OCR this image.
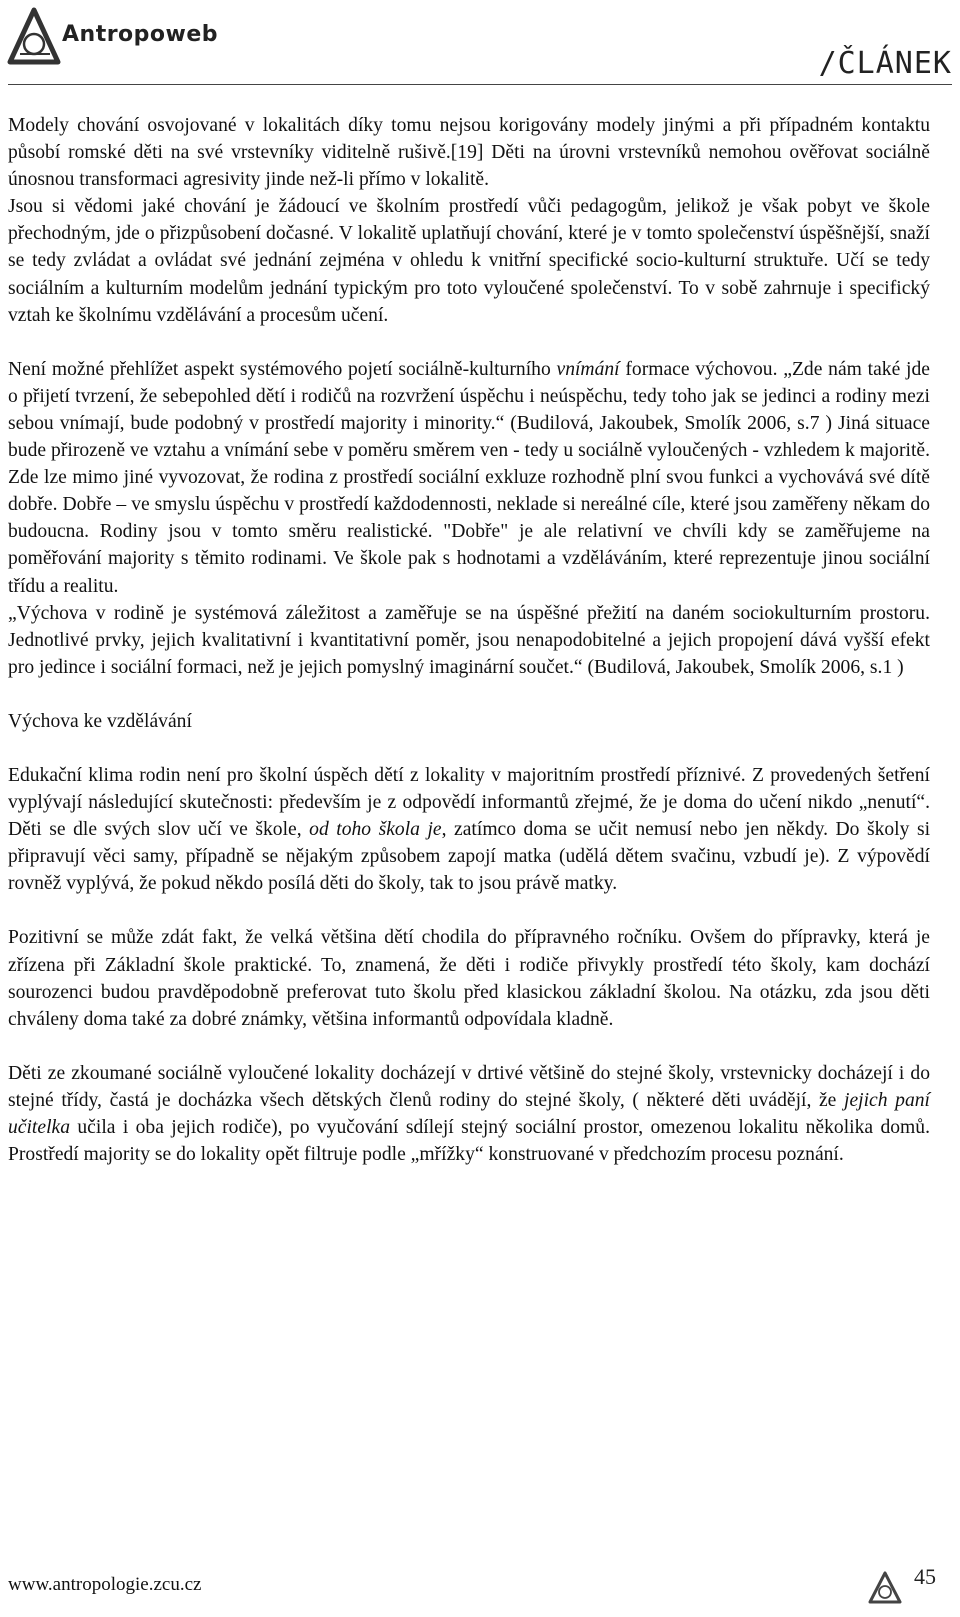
Antropoweb
/ČLÁNEK

Modely chování osvojované v lokalitách díky tomu nejsou korigovány modely jinými a při případném kontaktu působí romské děti na své vrstevníky viditelně rušivě.[19] Děti na úrovni vrstevníků nemohou ověřovat sociálně únosnou transformaci agresivity jinde než-li přímo v lokalitě.

Jsou si vědomi jaké chování je žádoucí ve školním prostředí vůči pedagogům, jelikož je však pobyt ve škole přechodným, jde o přizpůsobení dočasné. V lokalitě uplatňují chování, které je v tomto společenství úspěšnější, snaží se tedy zvládat a ovládat své jednání zejména v ohledu k vnitřní specifické socio-kulturní struktuře. Učí se tedy sociálním a kulturním modelům jednání typickým pro toto vyloučené společenství. To v sobě zahrnuje i specifický vztah ke školnímu vzdělávání a procesům učení.

Není možné přehlížet aspekt systémového pojetí sociálně-kulturního vnímání formace výchovou. „Zde nám také jde o přijetí tvrzení, že sebepohled dětí i rodičů na rozvržení úspěchu i neúspěchu, tedy toho jak se jedinci a rodiny mezi sebou vnímají, bude podobný v prostředí majority i minority.“ (Budilová, Jakoubek, Smolík 2006, s.7 ) Jiná situace bude přirozeně ve vztahu a vnímání sebe v poměru směrem ven - tedy u sociálně vyloučených - vzhledem k majoritě. Zde lze mimo jiné vyvozovat, že rodina z prostředí sociální exkluze rozhodně plní svou funkci a vychovává své dítě dobře. Dobře – ve smyslu úspěchu v prostředí každodennosti, neklade si nereálné cíle, které jsou zaměřeny někam do budoucna. Rodiny jsou v tomto směru realistické. "Dobře" je ale relativní ve chvíli kdy se zaměřujeme na poměřování majority s těmito rodinami. Ve škole pak s hodnotami a vzděláváním, které reprezentuje jinou sociální třídu a realitu.

„Výchova v rodině je systémová záležitost a zaměřuje se na úspěšné přežití na daném sociokulturním prostoru. Jednotlivé prvky, jejich kvalitativní i kvantitativní poměr, jsou nenapodobitelné a jejich propojení dává vyšší efekt pro jedince i sociální formaci, než je jejich pomyslný imaginární součet.“ (Budilová, Jakoubek, Smolík 2006, s.1 )

Výchova ke vzdělávání

Edukační klima rodin není pro školní úspěch dětí z lokality v majoritním prostředí příznivé. Z provedených šetření vyplývají následující skutečnosti: především je z odpovědí informantů zřejmé, že je doma do učení nikdo „nenutí“. Děti se dle svých slov učí ve škole, od toho škola je, zatímco doma se učit nemusí nebo jen někdy. Do školy si připravují věci samy, případně se nějakým způsobem zapojí matka (udělá dětem svačinu, vzbudí je). Z výpovědí rovněž vyplývá, že pokud někdo posílá děti do školy, tak to jsou právě matky.

Pozitivní se může zdát fakt, že velká většina dětí chodila do přípravného ročníku. Ovšem do přípravky, která je zřízena při Základní škole praktické. To, znamená, že děti i rodiče přivykly prostředí této školy, kam dochází sourozenci budou pravděpodobně preferovat tuto školu před klasickou základní školou. Na otázku, zda jsou děti chváleny doma také za dobré známky, většina informantů odpovídala kladně.

Děti ze zkoumané sociálně vyloučené lokality docházejí v drtivé většině do stejné školy, vrstevnicky docházejí i do stejné třídy, častá je docházka všech dětských členů rodiny do stejné školy, ( některé děti uvádějí, že jejich paní učitelka učila i oba jejich rodiče), po vyučování sdílejí stejný sociální prostor, omezenou lokalitu několika domů. Prostředí majority se do lokality opět filtruje podle „mřížky“ konstruované v předchozím procesu poznání.

www.antropologie.zcu.cz	45
